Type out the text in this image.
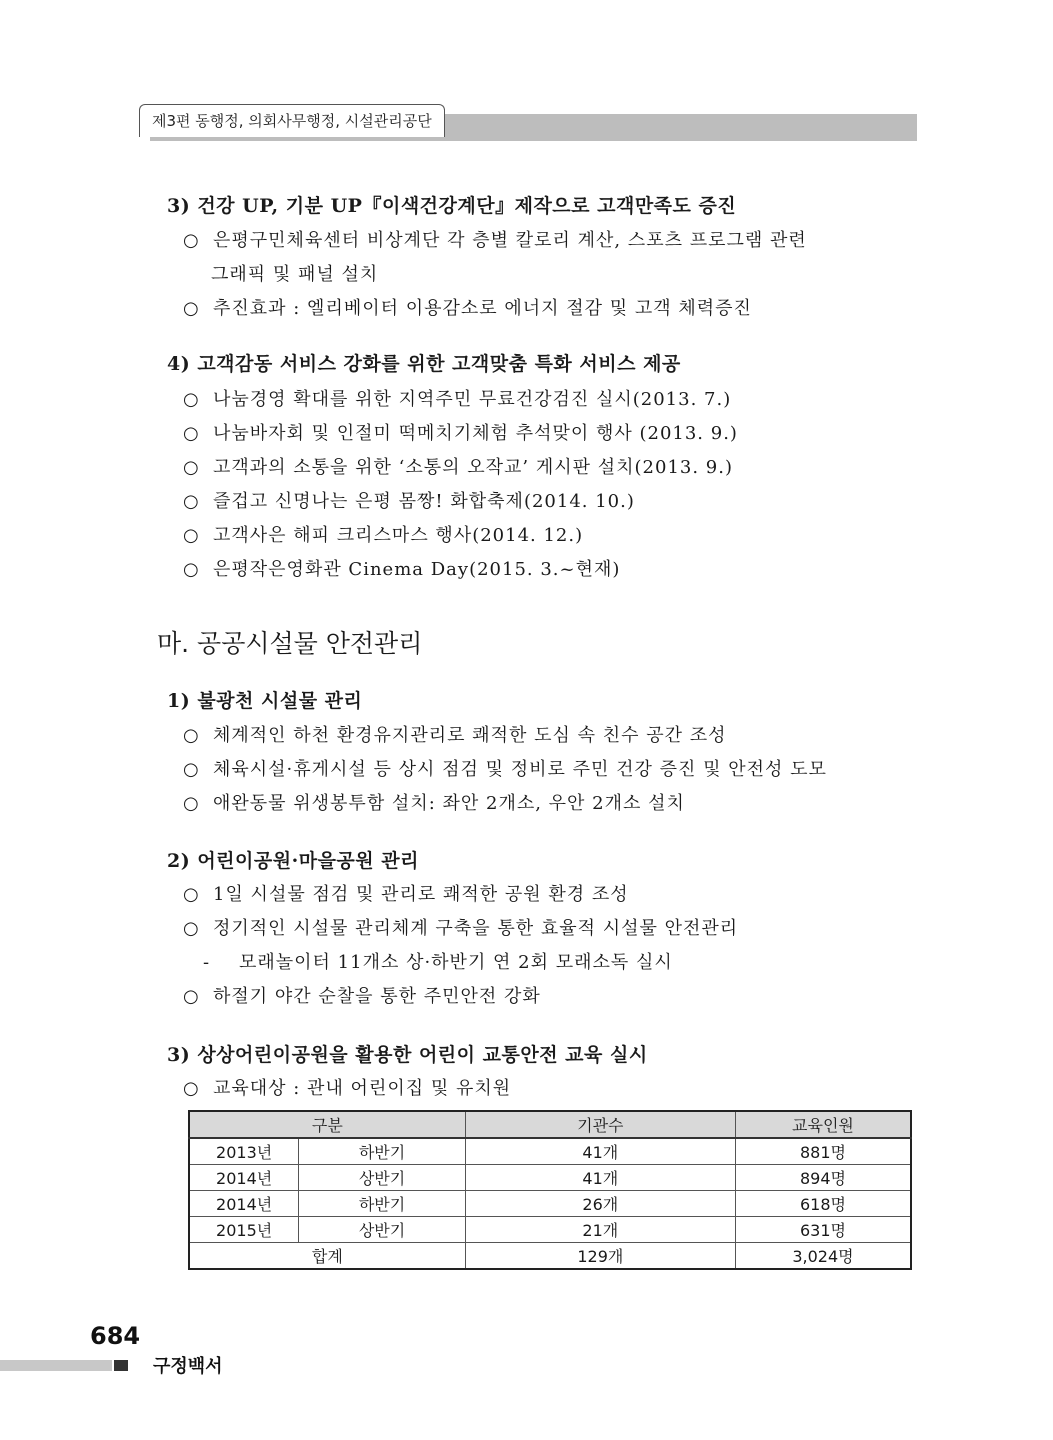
제3편 동행정, 의회사무행정, 시설관리공단
3) 건강 UP, 기분 UP『이색건강계단』제작으로 고객만족도 증진
○ 은평구민체육센터 비상계단 각 층별 칼로리 계산, 스포츠 프로그램 관련
그래픽 및 패널 설치
○ 추진효과 : 엘리베이터 이용감소로 에너지 절감 및 고객 체력증진
4) 고객감동 서비스 강화를 위한 고객맞춤 특화 서비스 제공
○ 나눔경영 확대를 위한 지역주민 무료건강검진 실시(2013. 7.)
○ 나눔바자회 및 인절미 떡메치기체험 추석맞이 행사 (2013. 9.)
○ 고객과의 소통을 위한 ‘소통의 오작교’ 게시판 설치(2013. 9.)
○ 즐겁고 신명나는 은평 몸짱! 화합축제(2014. 10.)
○ 고객사은 해피 크리스마스 행사(2014. 12.)
○ 은평작은영화관 Cinema Day(2015. 3.~현재)
마. 공공시설물 안전관리
1) 불광천 시설물 관리
○ 체계적인 하천 환경유지관리로 쾌적한 도심 속 친수 공간 조성
○ 체육시설·휴게시설 등 상시 점검 및 정비로 주민 건강 증진 및 안전성 도모
○ 애완동물 위생봉투함 설치: 좌안 2개소, 우안 2개소 설치
2) 어린이공원·마을공원 관리
○ 1일 시설물 점검 및 관리로 쾌적한 공원 환경 조성
○ 정기적인 시설물 관리체계 구축을 통한 효율적 시설물 안전관리
- 모래놀이터 11개소 상·하반기 연 2회 모래소독 실시
○ 하절기 야간 순찰을 통한 주민안전 강화
3) 상상어린이공원을 활용한 어린이 교통안전 교육 실시
○ 교육대상 : 관내 어린이집 및 유치원
구분		기관수	교육인원
2013년	하반기	41개	881명
2014년	상반기	41개	894명
2014년	하반기	26개	618명
2015년	상반기	21개	631명
합계		129개	3,024명
684
구정백서
